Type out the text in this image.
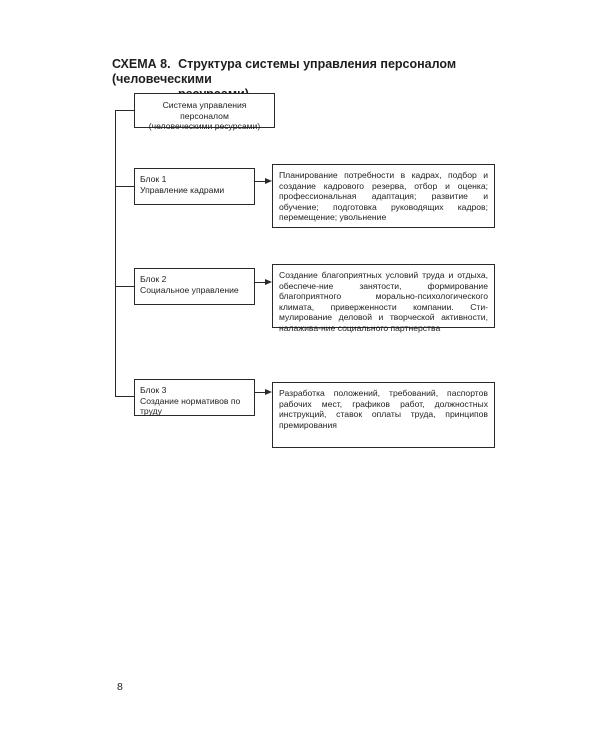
СХЕМА 8. Структура системы управления персоналом (человеческими
Система управления персоналом
(человеческими ресурсами)
Блок 1
Управление кадрами
Планирование потребности в кадрах, подбор и создание кадрового резерва, отбор и оценка; профессиональная адаптация; развитие и обучение; подготовка руководящих кадров; перемещение; увольнение
Блок 2
Социальное управление
Создание благоприятных условий труда и отдыха, обеспече-ние занятости, формирование благоприятного морально-психологического климата, приверженности компании. Сти-мулирование деловой и творческой активности, налажива-ние социального партнерства
Блок 3
Создание нормативов по труду
Разработка положений, требований, паспортов рабочих мест, графиков работ, должностных инструкций, ставок оплаты труда, принципов премирования
8
